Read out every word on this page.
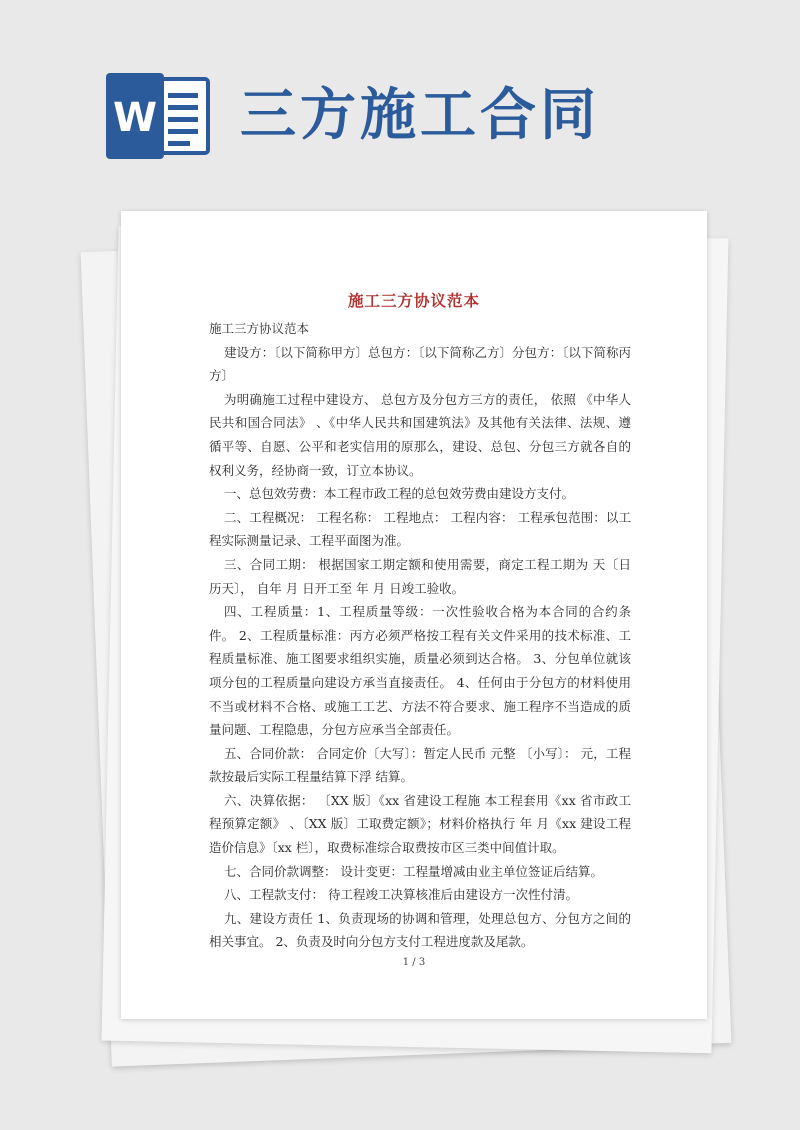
W 三方施工合同
施工三方协议范本

施工三方协议范本

建设方：〔以下简称甲方〕总包方：〔以下简称乙方〕分包方：〔以下简称丙方〕

为明确施工过程中建设方、 总包方及分包方三方的责任， 依照 《中华人民共和国合同法》 、《中华人民共和国建筑法》及其他有关法律、法规、遵循平等、自愿、公平和老实信用的原那么，建设、总包、分包三方就各自的权利义务，经协商一致，订立本协议。

一、总包效劳费：本工程市政工程的总包效劳费由建设方支付。

二、工程概况： 工程名称： 工程地点： 工程内容： 工程承包范围：以工程实际测量记录、工程平面图为准。

三、合同工期： 根据国家工期定额和使用需要，商定工程工期为 天〔日历天〕， 自年 月 日开工至 年 月 日竣工验收。

四、工程质量：1、工程质量等级：一次性验收合格为本合同的合约条件。 2、工程质量标准：丙方必须严格按工程有关文件采用的技术标准、工程质量标准、施工图要求组织实施，质量必须到达合格。 3、分包单位就该项分包的工程质量向建设方承当直接责任。 4、任何由于分包方的材料使用不当或材料不合格、或施工工艺、方法不符合要求、施工程序不当造成的质量问题、工程隐患，分包方应承当全部责任。

五、合同价款： 合同定价〔大写〕：暂定人民币 元整 〔小写〕： 元，工程款按最后实际工程量结算下浮 结算。

六、决算依据： 〔XX 版〕《xx 省建设工程施 本工程套用《xx 省市政工程预算定额》 、〔XX 版〕工取费定额》；材料价格执行 年 月《xx 建设工程造价信息》〔xx 栏〕，取费标准综合取费按市区三类中间值计取。

七、合同价款调整： 设计变更：工程量增减由业主单位签证后结算。

八、工程款支付： 待工程竣工决算核准后由建设方一次性付清。

九、建设方责任 1、负责现场的协调和管理，处理总包方、分包方之间的相关事宜。 2、负责及时向分包方支付工程进度款及尾款。

1 / 3
